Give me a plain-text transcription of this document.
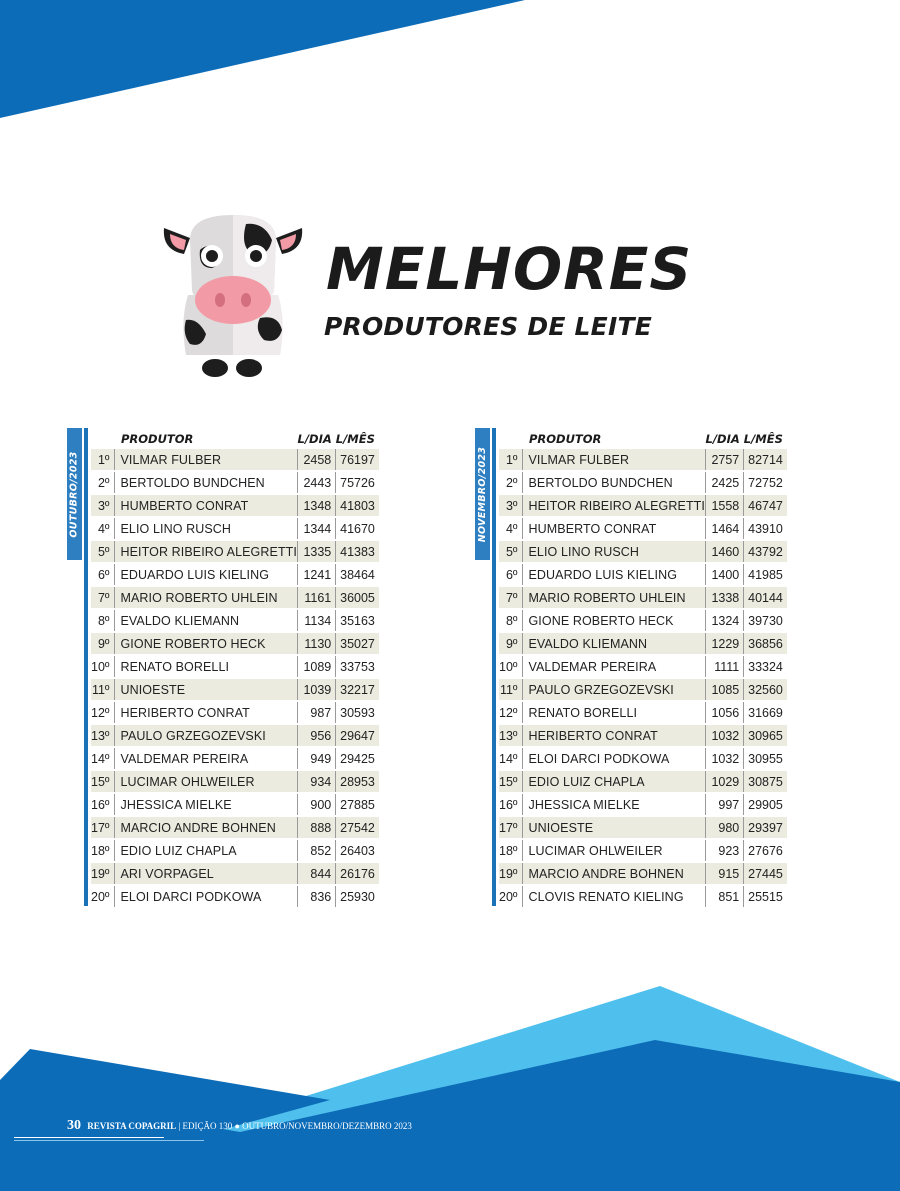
MELHORES
PRODUTORES DE LEITE
OUTUBRO/2023
	PRODUTOR	L/DIA	L/MÊS
1º	VILMAR FULBER	2458	76197
2º	BERTOLDO BUNDCHEN	2443	75726
3º	HUMBERTO CONRAT	1348	41803
4º	ELIO LINO RUSCH	1344	41670
5º	HEITOR RIBEIRO ALEGRETTI	1335	41383
6º	EDUARDO LUIS KIELING	1241	38464
7º	MARIO ROBERTO UHLEIN	1161	36005
8º	EVALDO KLIEMANN	1134	35163
9º	GIONE ROBERTO HECK	1130	35027
10º	RENATO BORELLI	1089	33753
11º	UNIOESTE	1039	32217
12º	HERIBERTO CONRAT	987	30593
13º	PAULO GRZEGOZEVSKI	956	29647
14º	VALDEMAR PEREIRA	949	29425
15º	LUCIMAR OHLWEILER	934	28953
16º	JHESSICA MIELKE	900	27885
17º	MARCIO ANDRE BOHNEN	888	27542
18º	EDIO LUIZ CHAPLA	852	26403
19º	ARI VORPAGEL	844	26176
20º	ELOI DARCI PODKOWA	836	25930
NOVEMBRO/2023
	PRODUTOR	L/DIA	L/MÊS
1º	VILMAR FULBER	2757	82714
2º	BERTOLDO BUNDCHEN	2425	72752
3º	HEITOR RIBEIRO ALEGRETTI	1558	46747
4º	HUMBERTO CONRAT	1464	43910
5º	ELIO LINO RUSCH	1460	43792
6º	EDUARDO LUIS KIELING	1400	41985
7º	MARIO ROBERTO UHLEIN	1338	40144
8º	GIONE ROBERTO HECK	1324	39730
9º	EVALDO KLIEMANN	1229	36856
10º	VALDEMAR PEREIRA	1111	33324
11º	PAULO GRZEGOZEVSKI	1085	32560
12º	RENATO BORELLI	1056	31669
13º	HERIBERTO CONRAT	1032	30965
14º	ELOI DARCI PODKOWA	1032	30955
15º	EDIO LUIZ CHAPLA	1029	30875
16º	JHESSICA MIELKE	997	29905
17º	UNIOESTE	980	29397
18º	LUCIMAR OHLWEILER	923	27676
19º	MARCIO ANDRE BOHNEN	915	27445
20º	CLOVIS RENATO KIELING	851	25515
30 REVISTA COPAGRIL | EDIÇÃO 130 ● OUTUBRO/NOVEMBRO/DEZEMBRO 2023
